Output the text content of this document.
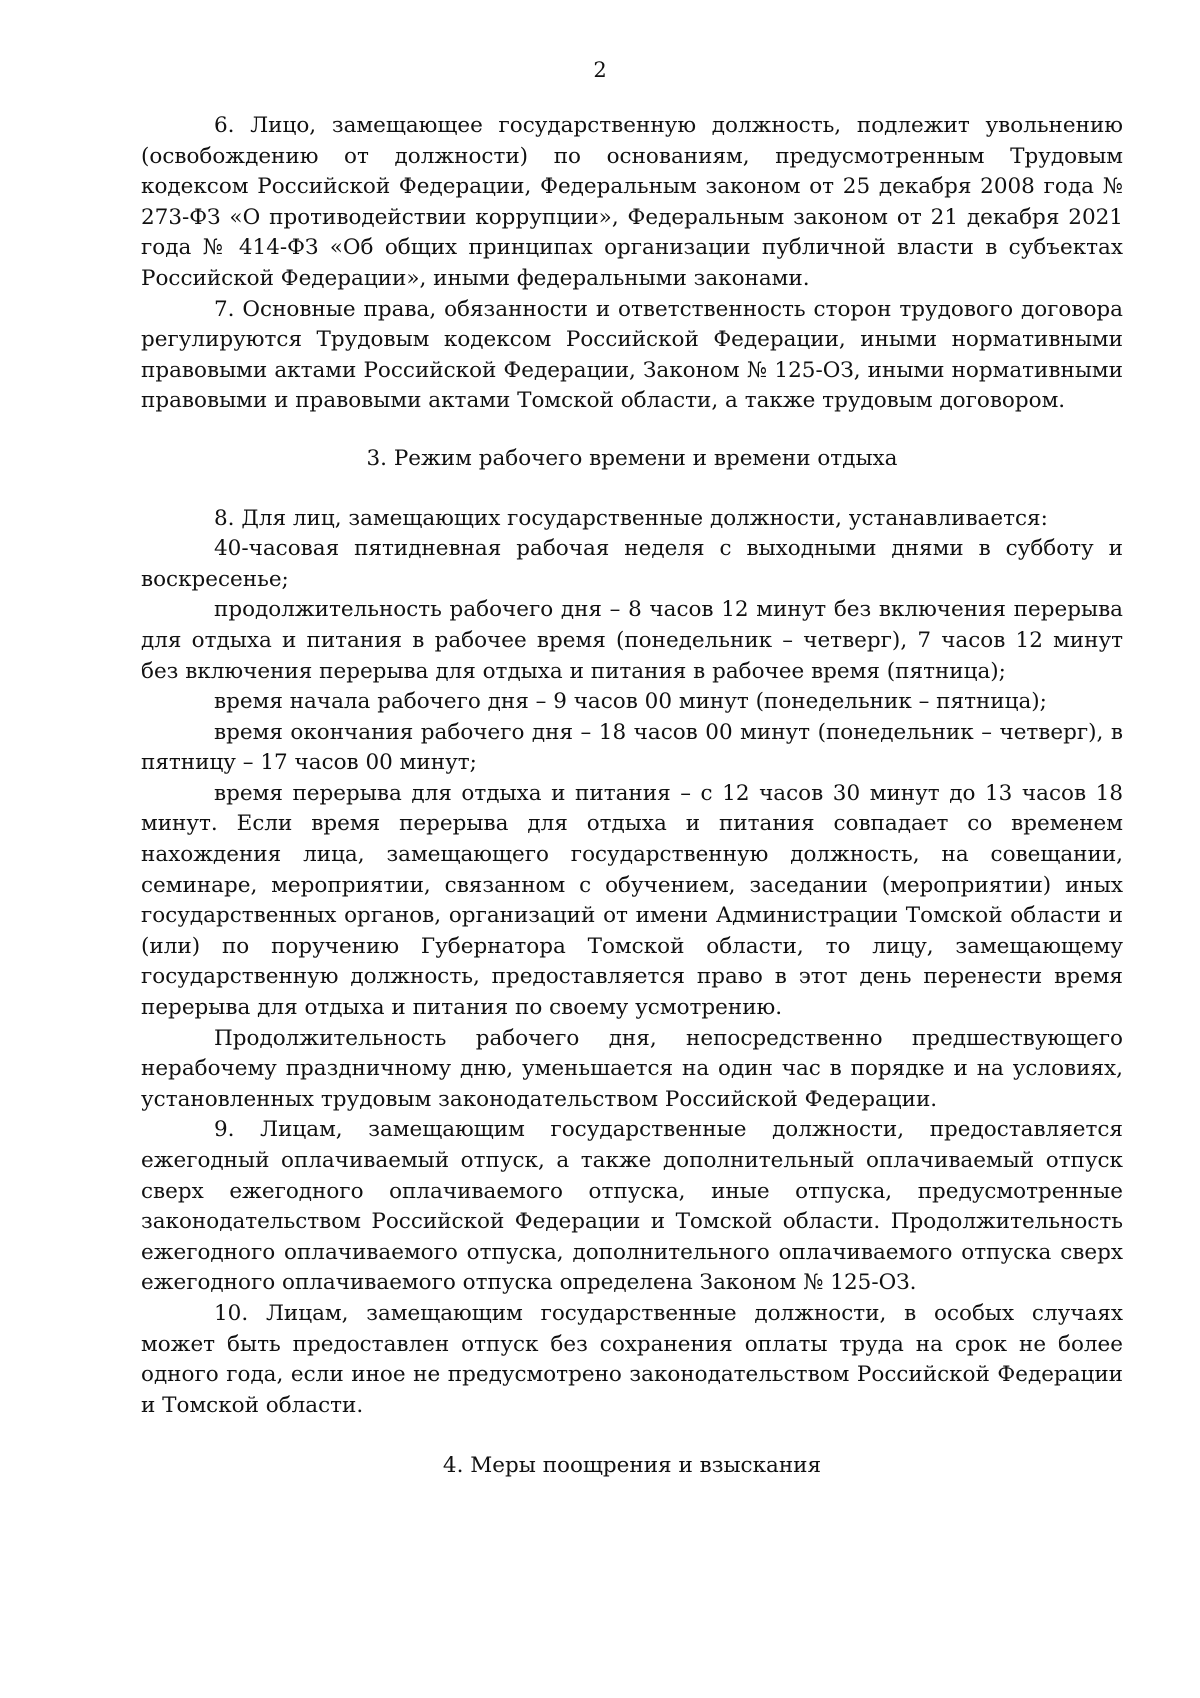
2

6. Лицо, замещающее государственную должность, подлежит увольнению (освобождению от должности) по основаниям, предусмотренным Трудовым кодексом Российской Федерации, Федеральным законом от 25 декабря 2008 года № 273-ФЗ «О противодействии коррупции», Федеральным законом от 21 декабря 2021 года № 414-ФЗ «Об общих принципах организации публичной власти в субъектах Российской Федерации», иными федеральными законами.

7. Основные права, обязанности и ответственность сторон трудового договора регулируются Трудовым кодексом Российской Федерации, иными нормативными правовыми актами Российской Федерации, Законом № 125-ОЗ, иными нормативными правовыми и правовыми актами Томской области, а также трудовым договором.

3. Режим рабочего времени и времени отдыха

8. Для лиц, замещающих государственные должности, устанавливается:

40-часовая пятидневная рабочая неделя с выходными днями в субботу и воскресенье;

продолжительность рабочего дня – 8 часов 12 минут без включения перерыва для отдыха и питания в рабочее время (понедельник – четверг), 7 часов 12 минут без включения перерыва для отдыха и питания в рабочее время (пятница);

время начала рабочего дня – 9 часов 00 минут (понедельник – пятница);

время окончания рабочего дня – 18 часов 00 минут (понедельник – четверг), в пятницу – 17 часов 00 минут;

время перерыва для отдыха и питания – с 12 часов 30 минут до 13 часов 18 минут. Если время перерыва для отдыха и питания совпадает со временем нахождения лица, замещающего государственную должность, на совещании, семинаре, мероприятии, связанном с обучением, заседании (мероприятии) иных государственных органов, организаций от имени Администрации Томской области и (или) по поручению Губернатора Томской области, то лицу, замещающему государственную должность, предоставляется право в этот день перенести время перерыва для отдыха и питания по своему усмотрению.

Продолжительность рабочего дня, непосредственно предшествующего нерабочему праздничному дню, уменьшается на один час в порядке и на условиях, установленных трудовым законодательством Российской Федерации.

9. Лицам, замещающим государственные должности, предоставляется ежегодный оплачиваемый отпуск, а также дополнительный оплачиваемый отпуск сверх ежегодного оплачиваемого отпуска, иные отпуска, предусмотренные законодательством Российской Федерации и Томской области. Продолжительность ежегодного оплачиваемого отпуска, дополнительного оплачиваемого отпуска сверх ежегодного оплачиваемого отпуска определена Законом № 125-ОЗ.

10. Лицам, замещающим государственные должности, в особых случаях может быть предоставлен отпуск без сохранения оплаты труда на срок не более одного года, если иное не предусмотрено законодательством Российской Федерации и Томской области.

4. Меры поощрения и взыскания
